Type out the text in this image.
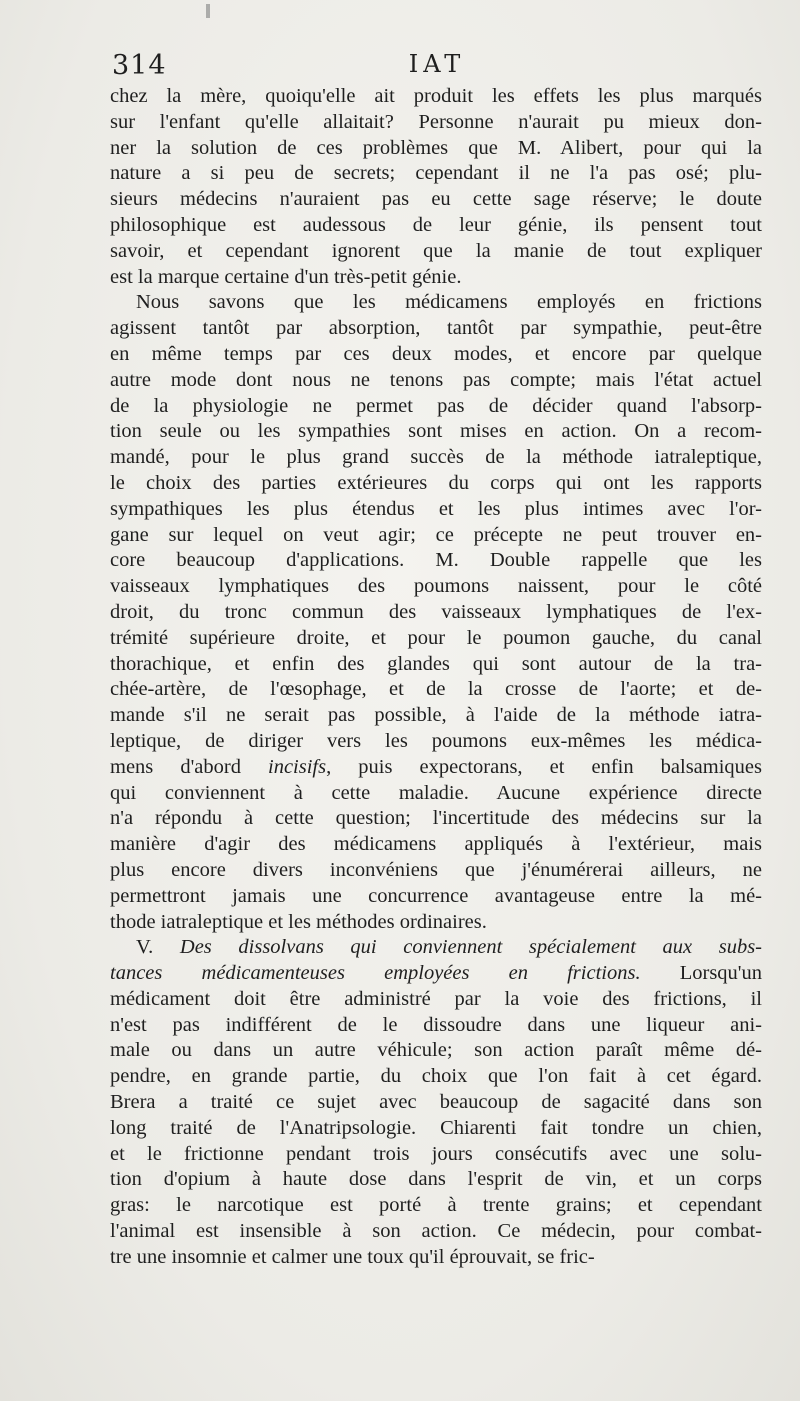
314	IAT
chez la mère, quoiqu'elle ait produit les effets les plus marqués
sur l'enfant qu'elle allaitait? Personne n'aurait pu mieux don-
ner la solution de ces problèmes que M. Alibert, pour qui la
nature a si peu de secrets; cependant il ne l'a pas osé; plu-
sieurs médecins n'auraient pas eu cette sage réserve; le doute
philosophique est audessous de leur génie, ils pensent tout
savoir, et cependant ignorent que la manie de tout expliquer
est la marque certaine d'un très-petit génie.
Nous savons que les médicamens employés en frictions
agissent tantôt par absorption, tantôt par sympathie, peut-être
en même temps par ces deux modes, et encore par quelque
autre mode dont nous ne tenons pas compte; mais l'état actuel
de la physiologie ne permet pas de décider quand l'absorp-
tion seule ou les sympathies sont mises en action. On a recom-
mandé, pour le plus grand succès de la méthode iatraleptique,
le choix des parties extérieures du corps qui ont les rapports
sympathiques les plus étendus et les plus intimes avec l'or-
gane sur lequel on veut agir; ce précepte ne peut trouver en-
core beaucoup d'applications. M. Double rappelle que les
vaisseaux lymphatiques des poumons naissent, pour le côté
droit, du tronc commun des vaisseaux lymphatiques de l'ex-
trémité supérieure droite, et pour le poumon gauche, du canal
thorachique, et enfin des glandes qui sont autour de la tra-
chée-artère, de l'œsophage, et de la crosse de l'aorte; et de-
mande s'il ne serait pas possible, à l'aide de la méthode iatra-
leptique, de diriger vers les poumons eux-mêmes les médica-
mens d'abord incisifs, puis expectorans, et enfin balsamiques
qui conviennent à cette maladie. Aucune expérience directe
n'a répondu à cette question; l'incertitude des médecins sur la
manière d'agir des médicamens appliqués à l'extérieur, mais
plus encore divers inconvéniens que j'énumérerai ailleurs, ne
permettront jamais une concurrence avantageuse entre la mé-
thode iatraleptique et les méthodes ordinaires.
V. Des dissolvans qui conviennent spécialement aux subs-
tances médicamenteuses employées en frictions. Lorsqu'un
médicament doit être administré par la voie des frictions, il
n'est pas indifférent de le dissoudre dans une liqueur ani-
male ou dans un autre véhicule; son action paraît même dé-
pendre, en grande partie, du choix que l'on fait à cet égard.
Brera a traité ce sujet avec beaucoup de sagacité dans son
long traité de l'Anatripsologie. Chiarenti fait tondre un chien,
et le frictionne pendant trois jours consécutifs avec une solu-
tion d'opium à haute dose dans l'esprit de vin, et un corps
gras: le narcotique est porté à trente grains; et cependant
l'animal est insensible à son action. Ce médecin, pour combat-
tre une insomnie et calmer une toux qu'il éprouvait, se fric-
